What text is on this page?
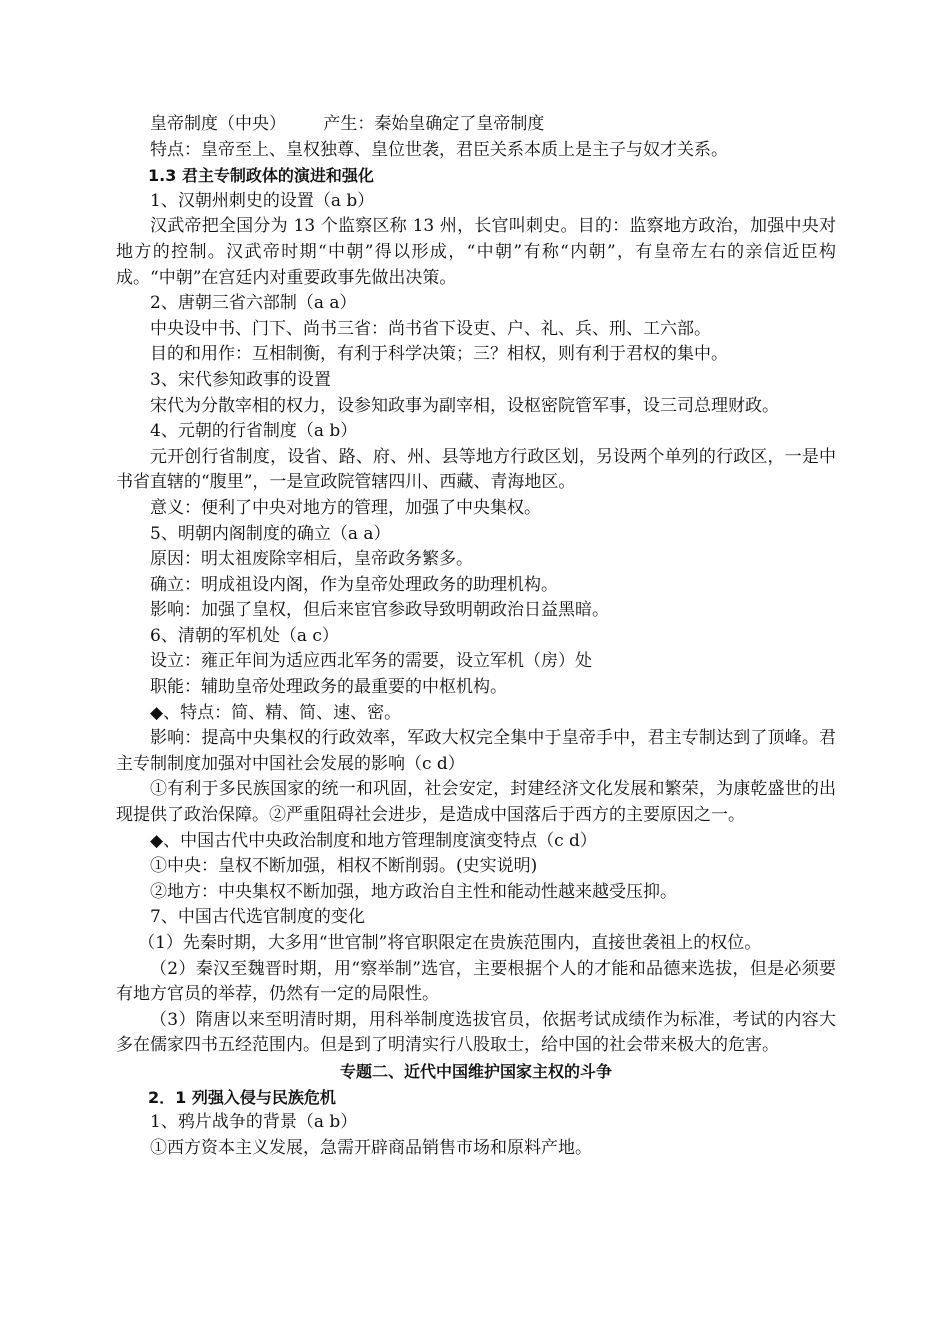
皇帝制度（中央） 产生：秦始皇确定了皇帝制度

特点：皇帝至上、皇权独尊、皇位世袭，君臣关系本质上是主子与奴才关系。

1.3 君主专制政体的演进和强化

1、汉朝州刺史的设置（a b）

汉武帝把全国分为 13 个监察区称 13 州，长官叫刺史。目的：监察地方政治，加强中央对地方的控制。汉武帝时期“中朝”得以形成，“中朝”有称“内朝”，有皇帝左右的亲信近臣构成。“中朝”在宫廷内对重要政事先做出决策。

2、唐朝三省六部制（a a）

中央设中书、门下、尚书三省：尚书省下设吏、户、礼、兵、刑、工六部。

目的和用作：互相制衡，有利于科学决策；三？相权，则有利于君权的集中。

3、宋代参知政事的设置

宋代为分散宰相的权力，设参知政事为副宰相，设枢密院管军事，设三司总理财政。

4、元朝的行省制度（a b）

元开创行省制度，设省、路、府、州、县等地方行政区划，另设两个单列的行政区，一是中书省直辖的“腹里”，一是宣政院管辖四川、西藏、青海地区。

意义：便利了中央对地方的管理，加强了中央集权。

5、明朝内阁制度的确立（a a）

原因：明太祖废除宰相后，皇帝政务繁多。

确立：明成祖设内阁，作为皇帝处理政务的助理机构。

影响：加强了皇权，但后来宦官参政导致明朝政治日益黑暗。

6、清朝的军机处（a c）

设立：雍正年间为适应西北军务的需要，设立军机（房）处

职能：辅助皇帝处理政务的最重要的中枢机构。

◆、特点：简、精、简、速、密。

影响：提高中央集权的行政效率，军政大权完全集中于皇帝手中，君主专制达到了顶峰。君主专制制度加强对中国社会发展的影响（c d）

①有利于多民族国家的统一和巩固，社会安定，封建经济文化发展和繁荣，为康乾盛世的出现提供了政治保障。②严重阻碍社会进步，是造成中国落后于西方的主要原因之一。

◆、中国古代中央政治制度和地方管理制度演变特点（c d）

①中央：皇权不断加强，相权不断削弱。(史实说明)

②地方：中央集权不断加强，地方政治自主性和能动性越来越受压抑。

7、中国古代选官制度的变化

（1）先秦时期，大多用“世官制”将官职限定在贵族范围内，直接世袭祖上的权位。

（2）秦汉至魏晋时期，用“察举制”选官，主要根据个人的才能和品德来选拔，但是必须要有地方官员的举荐，仍然有一定的局限性。

（3）隋唐以来至明清时期，用科举制度选拔官员，依据考试成绩作为标准，考试的内容大多在儒家四书五经范围内。但是到了明清实行八股取士，给中国的社会带来极大的危害。

专题二、近代中国维护国家主权的斗争

2．1 列强入侵与民族危机

1、鸦片战争的背景（a b）

①西方资本主义发展，急需开辟商品销售市场和原料产地。
